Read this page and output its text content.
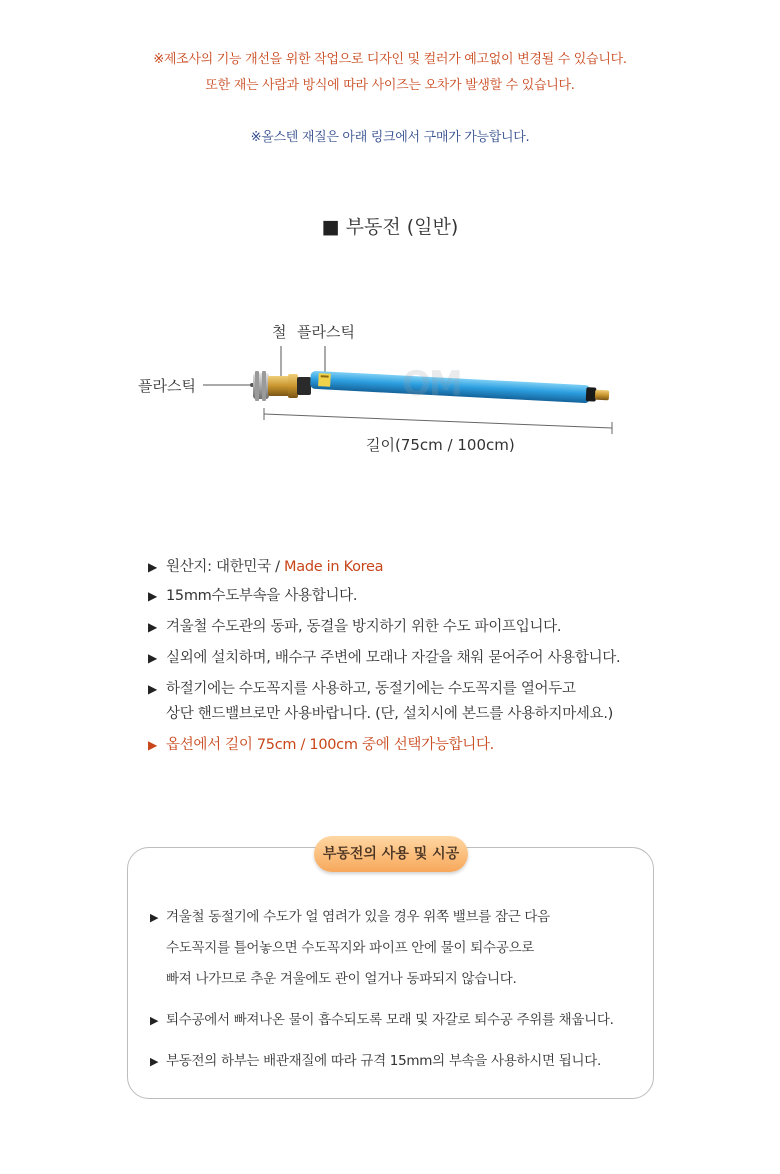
※제조사의 기능 개선을 위한 작업으로 디자인 및 컬러가 예고없이 변경될 수 있습니다.
또한 재는 사람과 방식에 따라 사이즈는 오차가 발생할 수 있습니다.
※올스텐 재질은 아래 링크에서 구매가 가능합니다.
■ 부동전 (일반)
철 플라스틱
플라스틱	OM
길이(75cm / 100cm)
▶ 원산지: 대한민국 / Made in Korea
▶ 15mm수도부속을 사용합니다.
▶ 겨울철 수도관의 동파, 동결을 방지하기 위한 수도 파이프입니다.
▶ 실외에 설치하며, 배수구 주변에 모래나 자갈을 채워 묻어주어 사용합니다.
▶ 하절기에는 수도꼭지를 사용하고, 동절기에는 수도꼭지를 열어두고
상단 핸드밸브로만 사용바랍니다. (단, 설치시에 본드를 사용하지마세요.)
▶ 옵션에서 길이 75cm / 100cm 중에 선택가능합니다.
부동전의 사용 및 시공
▶ 겨울철 동절기에 수도가 얼 염려가 있을 경우 위쪽 밸브를 잠근 다음
수도꼭지를 틀어놓으면 수도꼭지와 파이프 안에 물이 퇴수공으로
빠져 나가므로 추운 겨울에도 관이 얼거나 동파되지 않습니다.
▶ 퇴수공에서 빠져나온 물이 흡수되도록 모래 및 자갈로 퇴수공 주위를 채웁니다.
▶ 부동전의 하부는 배관재질에 따라 규격 15mm의 부속을 사용하시면 됩니다.
